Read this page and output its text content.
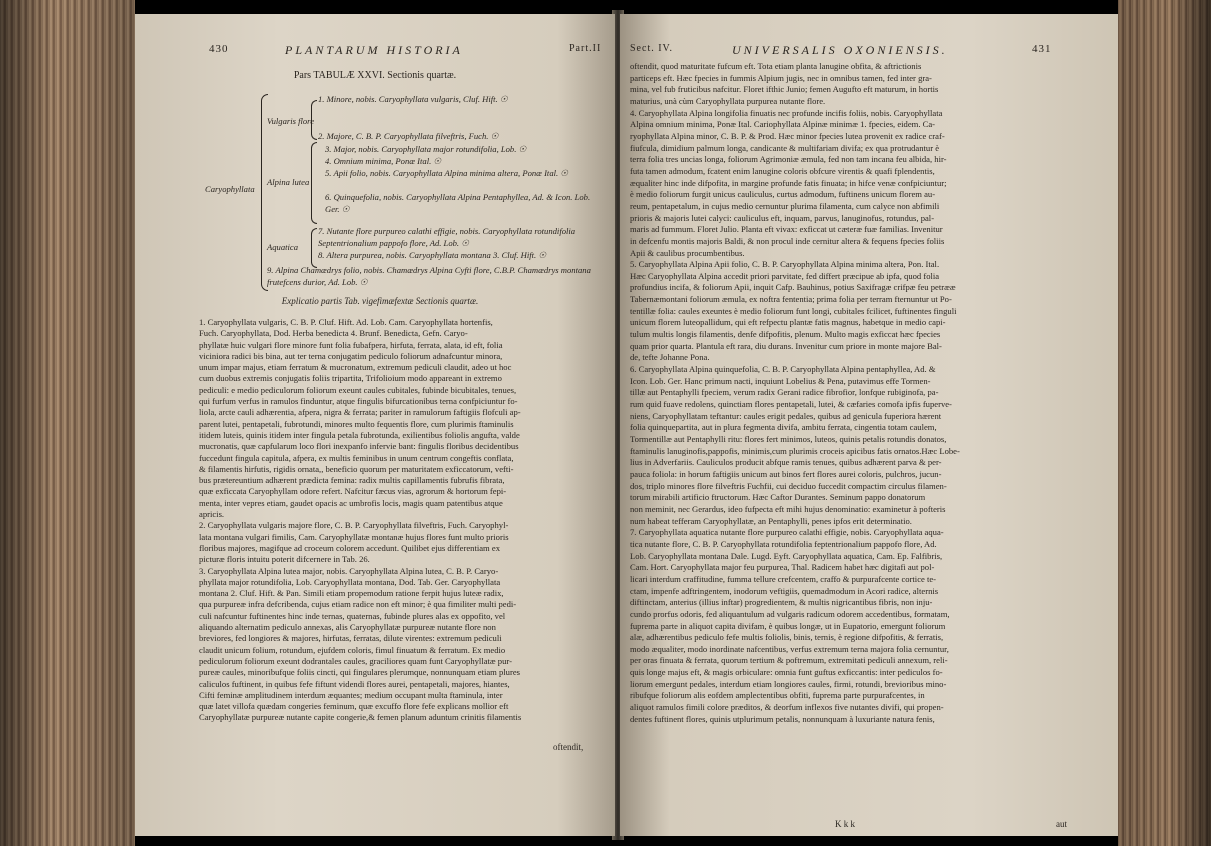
430	PLANTARUM HISTORIA	Part.II
Pars TABULÆ XXVI. Sectionis quartæ.
Caryophyllata
Vulgaris flore
1. Minore, nobis. Caryophyllata vulgaris, Cluf. Hift. ☉
2. Majore, C. B. P. Caryophyllata filveftris, Fuch. ☉
Alpina lutea
3. Major, nobis. Caryophyllata major rotundifolia, Lob. ☉
4. Omnium minima, Ponæ Ital. ☉
5. Apii folio, nobis. Caryophyllata Alpina minima altera, Ponæ Ital. ☉
6. Quinquefolia, nobis. Caryophyllata Alpina Pentaphyllea, Ad. & Icon. Lob. Ger. ☉
Aquatica
7. Nutante flore purpureo calathi effigie, nobis. Caryophyllata rotundifolia Septentrionalium pappofo flore, Ad. Lob. ☉
8. Altera purpurea, nobis. Caryophyllata montana 3. Cluf. Hift. ☉
9. Alpina Chamædrys folio, nobis. Chamædrys Alpina Cyfti flore, C.B.P. Chamædrys montana frutefcens durior, Ad. Lob. ☉
Explicatio partis Tab. vigefimæfextæ Sectionis quartæ.
1. Caryophyllata vulgaris, C. B. P. Cluf. Hift. Ad. Lob. Cam. Caryophyllata hortenfis,
Fuch. Caryophyllata, Dod. Herba benedicta 4. Brunf. Benedicta, Gefn. Caryo-
phyllatæ huic vulgari flore minore funt folia fubafpera, hirfuta, ferrata, alata, id eft, folia
viciniora radici bis bina, aut ter terna conjugatim pediculo foliorum adnafcuntur minora,
unum impar majus, etiam ferratum & mucronatum, extremum pediculi claudit, adeo ut hoc
cum duobus extremis conjugatis foliis tripartita, Trifolioium modo appareant in extremo
pediculi: e medio pediculorum foliorum exeunt caules cubitales, fubinde bicubitales, tenues,
qui furfum verfus in ramulos finduntur, atque fingulis bifurcationibus terna confpiciuntur fo-
liola, arcte cauli adhærentia, afpera, nigra & ferrata; pariter in ramulorum faftigiis flofculi ap-
parent lutei, pentapetali, fubrotundi, minores multo fequentis flore, cum plurimis ftaminulis
itidem luteis, quinis itidem inter fingula petala fubrotunda, exilientibus foliolis angufta, valde
mucronatis, quæ capfularum loco flori inexpanfo infervie bant: fingulis floribus decidentibus
fuccedunt fingula capitula, afpera, ex multis feminibus in unum centrum congeftis conflata,
& filamentis hirfutis, rigidis ornata,, beneficio quorum per maturitatem exficcatorum, vefti-
bus prætereuntium adhærent prædicta femina: radix multis capillamentis fubrufis fibrata,
quæ exficcata Caryophyllam odore refert. Nafcitur fæcus vias, agrorum & hortorum fepi-
menta, inter vepres etiam, gaudet opacis ac umbrofis locis, magis quam patentibus atque
apricis.
2. Caryophyllata vulgaris majore flore, C. B. P. Caryophyllata filveftris, Fuch. Caryophyl-
lata montana vulgari fimilis, Cam. Caryophyllatæ montanæ hujus flores funt multo prioris
floribus majores, magifque ad croceum colorem accedunt. Quilibet ejus differentiam ex
picturæ floris intuitu poterit difcernere in Tab. 26.
3. Caryophyllata Alpina lutea major, nobis. Caryophyllata Alpina lutea, C. B. P. Caryo-
phyllata major rotundifolia, Lob. Caryophyllata montana, Dod. Tab. Ger. Caryophyllata
montana 2. Cluf. Hift. & Pan. Simili etiam propemodum ratione ferpit hujus luteæ radix,
qua purpureæ infra defcribenda, cujus etiam radice non eft minor; è qua fimiliter multi pedi-
culi nafcuntur fuftinentes hinc inde ternas, quaternas, fubinde plures alas ex oppofito, vel
aliquando alternatim pediculo annexas, alis Caryophyllatæ purpureæ nutante flore non
breviores, fed longiores & majores, hirfutas, ferratas, dilute virentes: extremum pediculi
claudit unicum folium, rotundum, ejufdem coloris, fimul finuatum & ferratum. Ex medio
pediculorum foliorum exeunt dodrantales caules, graciliores quam funt Caryophyllatæ pur-
pureæ caules, minoribufque foliis cincti, qui fingulares plerumque, nonnunquam etiam plures
caliculos fuftinent, in quibus fefe fiftunt videndi flores aurei, pentapetali, majores, hiantes,
Cifti feminæ amplitudinem interdum æquantes; medium occupant multa ftaminula, inter
quæ latet villofa quædam congeries feminum, quæ excuffo flore fefe explicans mollior eft
Caryophyllatæ purpureæ nutante capite congerie,& femen planum aduntum crinitis filamentis
oftendit,
Sect. IV.	UNIVERSALIS OXONIENSIS.	431
oftendit, quod maturitate fufcum eft. Tota etiam planta lanugine obfita, & aftrictionis
particeps eft. Hæc fpecies in fummis Alpium jugis, nec in omnibus tamen, fed inter gra-
mina, vel fub fruticibus nafcitur. Floret ifthic Junio; femen Augufto eft maturum, in hortis
maturius, unà cùm Caryophyllata purpurea nutante flore.
4. Caryophyllata Alpina longifolia finuatis nec profunde incifis foliis, nobis. Caryophyllata
Alpina omnium minima, Ponæ Ital. Cariophyllata Alpinæ minimæ 1. fpecies, eidem. Ca-
ryophyllata Alpina minor, C. B. P. & Prod. Hæc minor fpecies lutea provenit ex radice craf-
fiufcula, dimidium palmum longa, candicante & multifariam divifa; ex qua protrudantur è
terra folia tres uncias longa, foliorum Agrimoniæ æmula, fed non tam incana feu albida, hir-
futa tamen admodum, fcatent enim lanugine coloris obfcure virentis & quafi fplendentis,
æqualiter hinc inde difpofita, in margine profunde fatis finuata; in hifce venæ confpiciuntur;
è medio foliorum furgit unicus cauliculus, curtus admodum, fuftinens unicum florem au-
reum, pentapetalum, in cujus medio cernuntur plurima filamenta, cum calyce non abfimili
prioris & majoris lutei calyci: cauliculus eft, inquam, parvus, lanuginofus, rotundus, pal-
maris ad fummum. Floret Julio. Planta eft vivax: exficcat ut cæteræ fuæ familias. Invenitur
in defcenfu montis majoris Baldi, & non procul inde cernitur altera & fequens fpecies foliis
Apii & caulibus procumbentibus.
5. Caryophyllata Alpina Apii folio, C. B. P. Caryophyllata Alpina minima altera, Pon. Ital.
Hæc Caryophyllata Alpina accedit priori parvitate, fed differt præcipue ab ipfa, quod folia
profundius incifa, & foliorum Apii, inquit Cafp. Bauhinus, potius Saxifragæ crifpæ feu petrææ
Tabernæmontani foliorum æmula, ex noftra fententia; prima folia per terram fternuntur ut Po-
tentillæ folia: caules exeuntes è medio foliorum funt longi, cubitales fcilicet, fuftinentes finguli
unicum florem luteopallidum, qui eft refpectu plantæ fatis magnus, habetque in medio capi-
tulum multis longis filamentis, denfe difpofitis, plenum. Multo magis exficcat hæc fpecies
quam prior quarta. Plantula eft rara, diu durans. Invenitur cum priore in monte majore Bal-
de, tefte Johanne Pona.
6. Caryophyllata Alpina quinquefolia, C. B. P. Caryophyllata Alpina pentaphyllea, Ad. &
Icon. Lob. Ger. Hanc primum nacti, inquiunt Lobelius & Pena, putavimus effe Tormen-
tillæ aut Pentaphylli fpeciem, verum radix Gerani radice fibrofior, lonfque rubiginofa, pa-
rum quid fuave redolens, quinctiam flores pentapetali, lutei, & cæfaries comofa ipfis fuperve-
niens, Caryophyllatam teftantur: caules erigit pedales, quibus ad genicula fuperiora hærent
folia quinquepartita, aut in plura fegmenta divifa, ambitu ferrata, cingentia totam caulem,
Tormentillæ aut Pentaphylli ritu: flores fert minimos, luteos, quinis petalis rotundis donatos,
ftaminulis lanuginofis,pappofis, minimis,cum plurimis croceis apicibus fatis ornatos.Hæc Lobe-
lius in Adverfariis. Cauliculos producit abfque ramis tenues, quibus adhærent parva & per-
pauca foliola: in horum faftigiis unicum aut binos fert flores aurei coloris, pulchros, jucun-
dos, triplo minores flore filveftris Fuchfii, cui deciduo fuccedit compactim circulus filamen-
torum mirabili artificio ftructorum. Hæc Caftor Durantes. Seminum pappo donatorum
non meminit, nec Gerardus, ideo fufpecta eft mihi hujus denominatio: examinetur à pofteris
num habeat tefferam Caryophyllatæ, an Pentaphylli, penes ipfos erit determinatio.
7. Caryophyllata aquatica nutante flore purpureo calathi effigie, nobis. Caryophyllata aqua-
tica nutante flore, C. B. P. Caryophyllata rotundifolia feptentrionalium pappofo flore, Ad.
Lob. Caryophyllata montana Dale. Lugd. Eyft. Caryophyllata aquatica, Cam. Ep. Falfibris,
Cam. Hort. Caryophyllata major feu purpurea, Thal. Radicem habet hæc digitafi aut pol-
licari interdum craffitudine, fumma tellure crefcentem, craffo & purpurafcente cortice te-
ctam, impenfe adftringentem, inodorum veftigiis, quemadmodum in Acori radice, alternis
diftinctam, anterius (illius inftar) progredientem, & multis nigricantibus fibris, non inju-
cundo prorfus odoris, fed aliquantulum ad vulgaris radicum odorem accedentibus, formatam,
fuprema parte in aliquot capita divifam, è quibus longæ, ut in Eupatorio, emergunt foliorum
alæ, adhærentibus pediculo fefe multis foliolis, binis, ternis, è regione difpofitis, & ferratis,
modo æqualiter, modo inordinate nafcentibus, verfus extremum terna majora folia cernuntur,
per oras finuata & ferrata, quorum tertium & poftremum, extremitati pediculi annexum, reli-
quis longe majus eft, & magis orbiculare: omnia funt guftus exficcantis: inter pediculos fo-
liorum emergunt pedales, interdum etiam longiores caules, firmi, rotundi, brevioribus mino-
ribufque foliorum alis eofdem amplectentibus obfiti, fuprema parte purpurafcentes, in
aliquot ramulos fimili colore præditos, & deorfum inflexos five nutantes divifi, qui propen-
dentes fuftinent flores, quinis utplurimum petalis, nonnunquam à luxuriante natura fenis,
K k k	aut
